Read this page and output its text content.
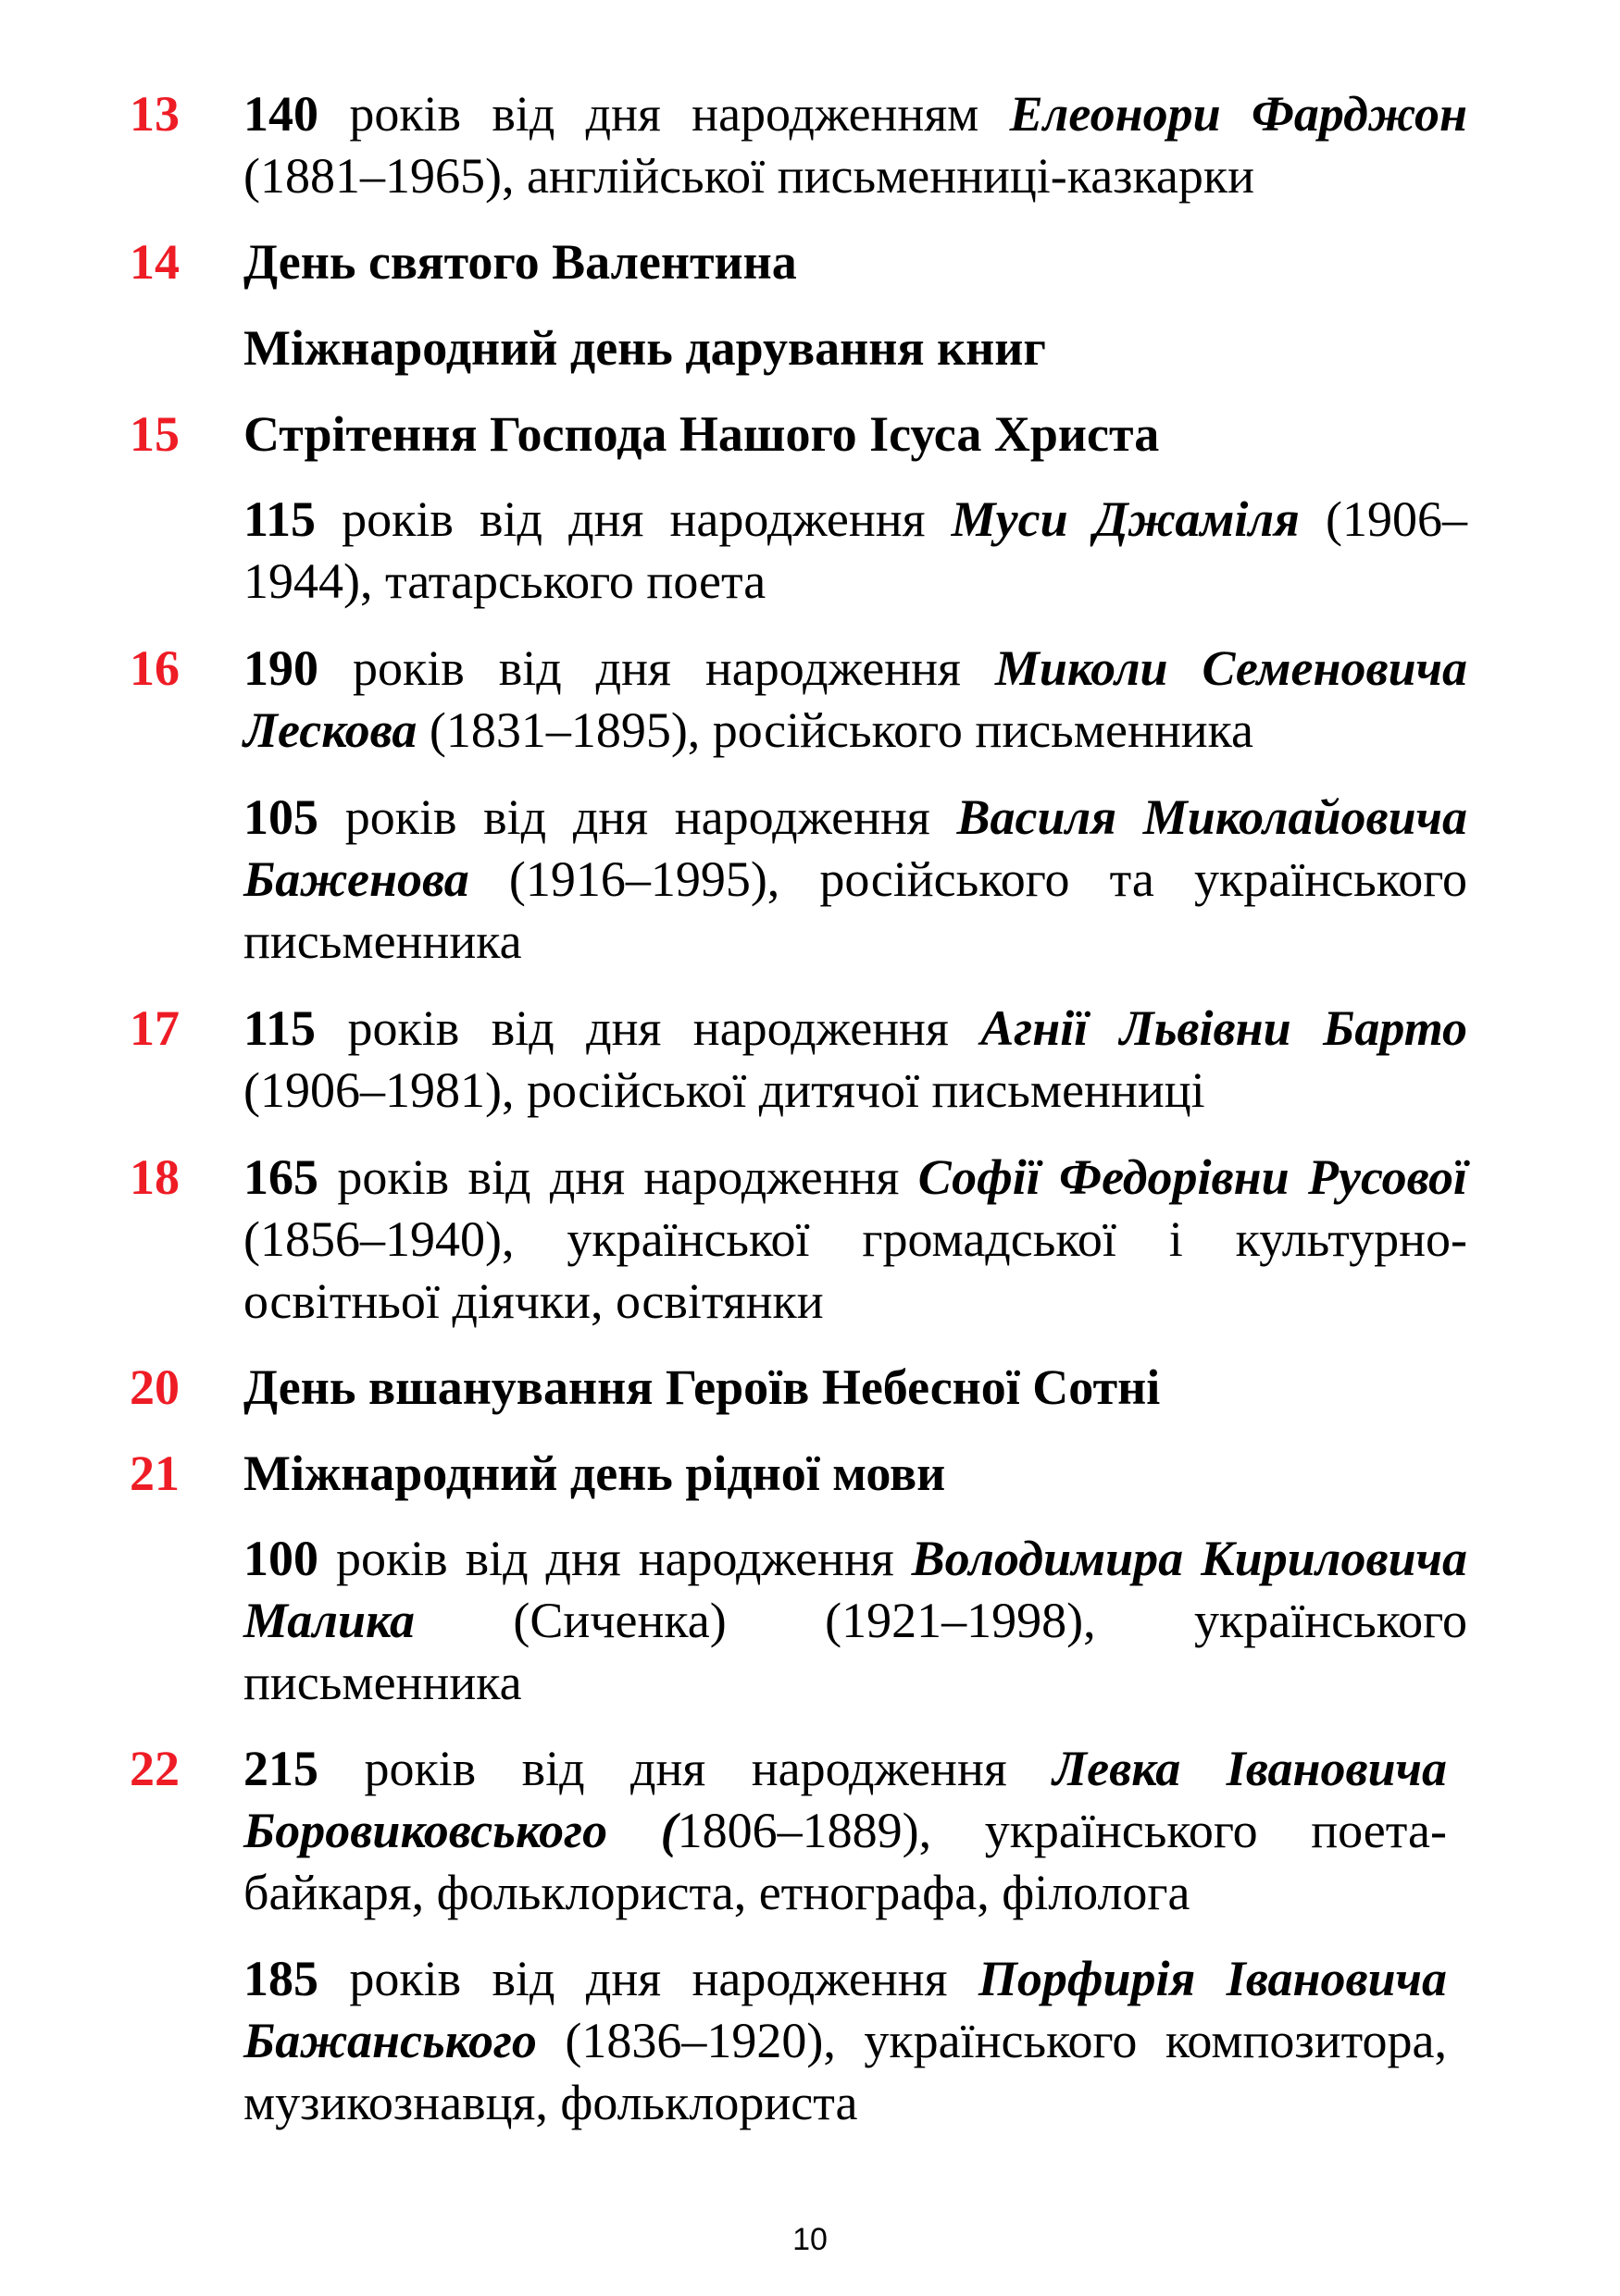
13 140 років від дня народженням Елеонори Фарджон (1881–1965), англійської письменниці-казкарки

14 День святого Валентина

Міжнародний день дарування книг

15 Стрітення Господа Нашого Ісуса Христа

115 років від дня народження Муси Джаміля (1906–1944), татарського поета

16 190 років від дня народження Миколи Семеновича Лескова (1831–1895), російського письменника

105 років від дня народження Василя Миколайовича Баженова (1916–1995), російського та українського письменника

17 115 років від дня народження Агнії Львівни Барто (1906–1981), російської дитячої письменниці

18 165 років від дня народження Софії Федорівни Русової (1856–1940), української громадської і культурно-освітньої діячки, освітянки

20 День вшанування Героїв Небесної Сотні

21 Міжнародний день рідної мови

100 років від дня народження Володимира Кириловича Малика (Сиченка) (1921–1998), українського письменника

22 215 років від дня народження Левка Івановича Боровиковського (1806–1889), українського поета-байкаря, фольклориста, етнографа, філолога

185 років від дня народження Порфирія Івановича Бажанського (1836–1920), українського композитора, музикознавця, фольклориста

10
